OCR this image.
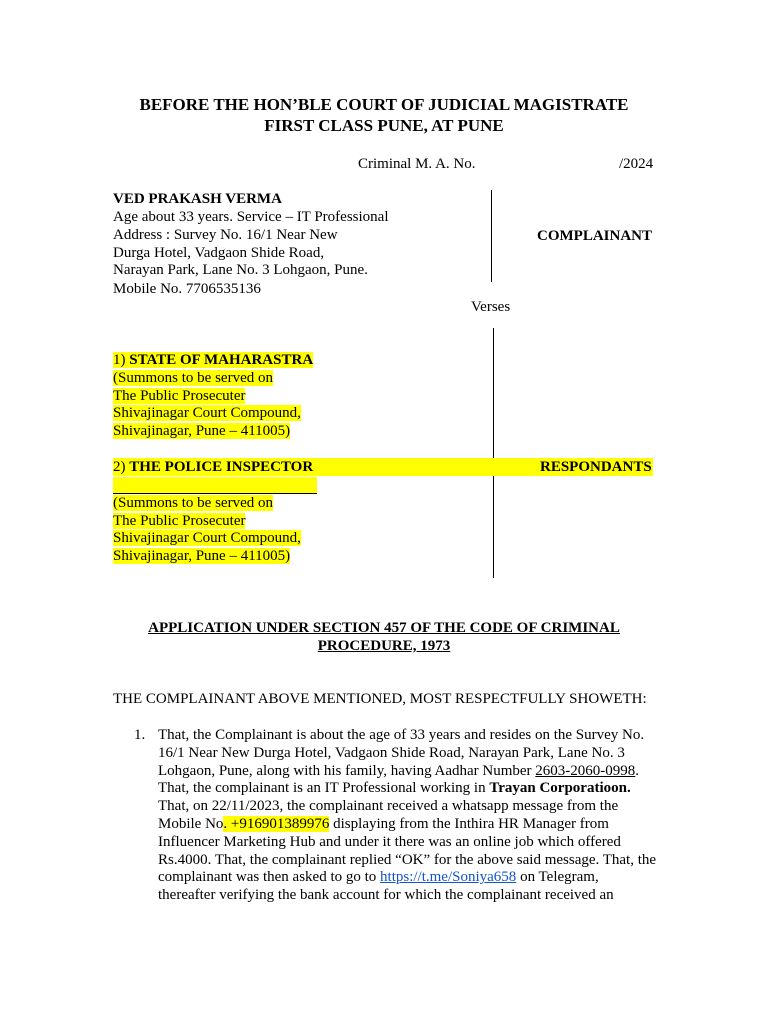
BEFORE THE HON’BLE COURT OF JUDICIAL MAGISTRATE
FIRST CLASS PUNE, AT PUNE
Criminal M. A. No.	/2024
VED PRAKASH VERMA
Age about 33 years. Service – IT Professional
Address : Survey No. 16/1 Near New
Durga Hotel, Vadgaon Shide Road,
Narayan Park, Lane No. 3 Lohgaon, Pune.
Mobile No. 7706535136
COMPLAINANT
Verses
1) STATE OF MAHARASTRA
(Summons to be served on
The Public Prosecuter
Shivajinagar Court Compound,
Shivajinagar, Pune – 411005)
2) THE POLICE INSPECTOR	RESPONDANTS
(Summons to be served on
The Public Prosecuter
Shivajinagar Court Compound,
Shivajinagar, Pune – 411005)
APPLICATION UNDER SECTION 457 OF THE CODE OF CRIMINAL
PROCEDURE, 1973
THE COMPLAINANT ABOVE MENTIONED, MOST RESPECTFULLY SHOWETH:
1. That, the Complainant is about the age of 33 years and resides on the Survey No. 16/1 Near New Durga Hotel, Vadgaon Shide Road, Narayan Park, Lane No. 3 Lohgaon, Pune, along with his family, having Aadhar Number 2603-2060-0998. That, the complainant is an IT Professional working in Trayan Corporatioon. That, on 22/11/2023, the complainant received a whatsapp message from the Mobile No. +916901389976 displaying from the Inthira HR Manager from Influencer Marketing Hub and under it there was an online job which offered Rs.4000. That, the complainant replied “OK” for the above said message. That, the complainant was then asked to go to https://t.me/Soniya658 on Telegram, thereafter verifying the bank account for which the complainant received an
